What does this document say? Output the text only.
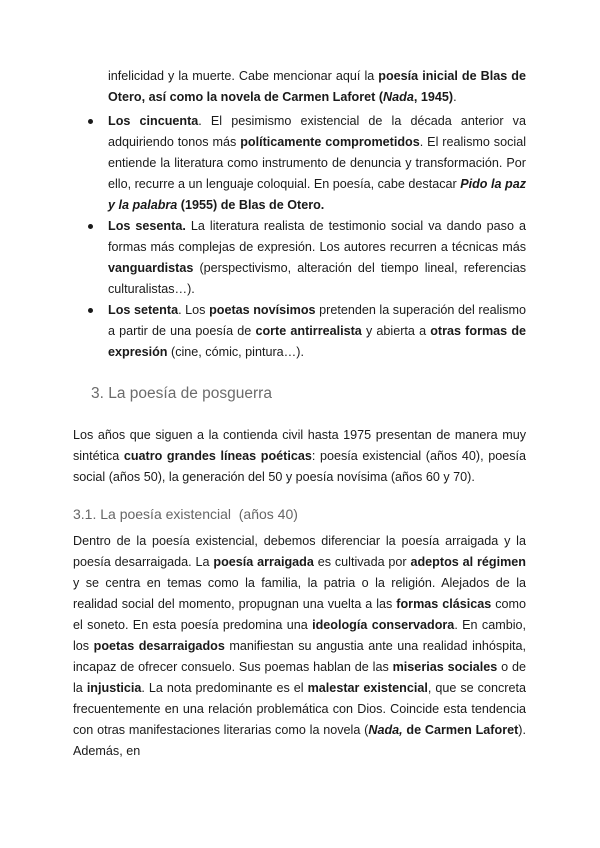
infelicidad y la muerte. Cabe mencionar aquí la poesía inicial de Blas de Otero, así como la novela de Carmen Laforet (Nada, 1945).
Los cincuenta. El pesimismo existencial de la década anterior va adquiriendo tonos más políticamente comprometidos. El realismo social entiende la literatura como instrumento de denuncia y transformación. Por ello, recurre a un lenguaje coloquial. En poesía, cabe destacar Pido la paz y la palabra (1955) de Blas de Otero.
Los sesenta. La literatura realista de testimonio social va dando paso a formas más complejas de expresión. Los autores recurren a técnicas más vanguardistas (perspectivismo, alteración del tiempo lineal, referencias culturalistas…).
Los setenta. Los poetas novísimos pretenden la superación del realismo a partir de una poesía de corte antirrealista y abierta a otras formas de expresión (cine, cómic, pintura…).
3. La poesía de posguerra
Los años que siguen a la contienda civil hasta 1975 presentan de manera muy sintética cuatro grandes líneas poéticas: poesía existencial (años 40), poesía social (años 50), la generación del 50 y poesía novísima (años 60 y 70).
3.1. La poesía existencial  (años 40)
Dentro de la poesía existencial, debemos diferenciar la poesía arraigada y la poesía desarraigada. La poesía arraigada es cultivada por adeptos al régimen y se centra en temas como la familia, la patria o la religión. Alejados de la realidad social del momento, propugnan una vuelta a las formas clásicas como el soneto. En esta poesía predomina una ideología conservadora. En cambio, los poetas desarraigados manifiestan su angustia ante una realidad inhóspita, incapaz de ofrecer consuelo. Sus poemas hablan de las miserias sociales o de la injusticia. La nota predominante es el malestar existencial, que se concreta frecuentemente en una relación problemática con Dios. Coincide esta tendencia con otras manifestaciones literarias como la novela (Nada, de Carmen Laforet). Además, en
